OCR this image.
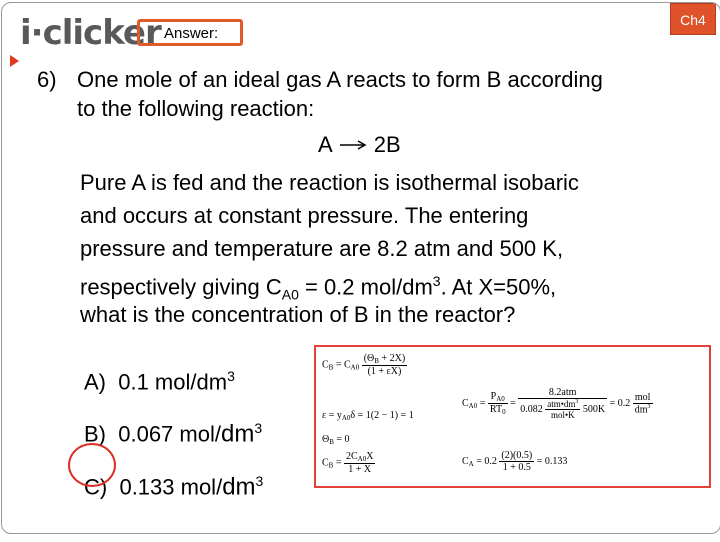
i·clicker Answer:
Ch4
6) One mole of an ideal gas A reacts to form B according
to the following reaction:
A → 2B
Pure A is fed and the reaction is isothermal isobaric
and occurs at constant pressure. The entering
pressure and temperature are 8.2 atm and 500 K,
respectively giving $C_{A0} = 0.2$ mol/$dm^3$. At X=50%,
what is the concentration of B in the reactor?
A) 0.1 mol/$dm^3$
B) 0.067 mol/$dm^3$
C) 0.133 mol/$dm^3$
$C_B = C_{A0} \frac{(\Theta_B + 2X)}{(1 + \varepsilon X)}$
$\varepsilon = y_{A0}\delta = 1(2 - 1) = 1$
$\Theta_B = 0$
$C_B = \frac{2C_{A0}X}{1 + X}$
$C_{A0} = \frac{P_{A0}}{RT_0} = \frac{\text{8.2atm}}{0.082 \frac{atm•dm^3}{\text{mol•K}} 500K} = 0.2 \frac{\text{mol}}{dm^3}$
$C_A = 0.2 \frac{(2)(0.5)}{1 + 0.5} = 0.133$
